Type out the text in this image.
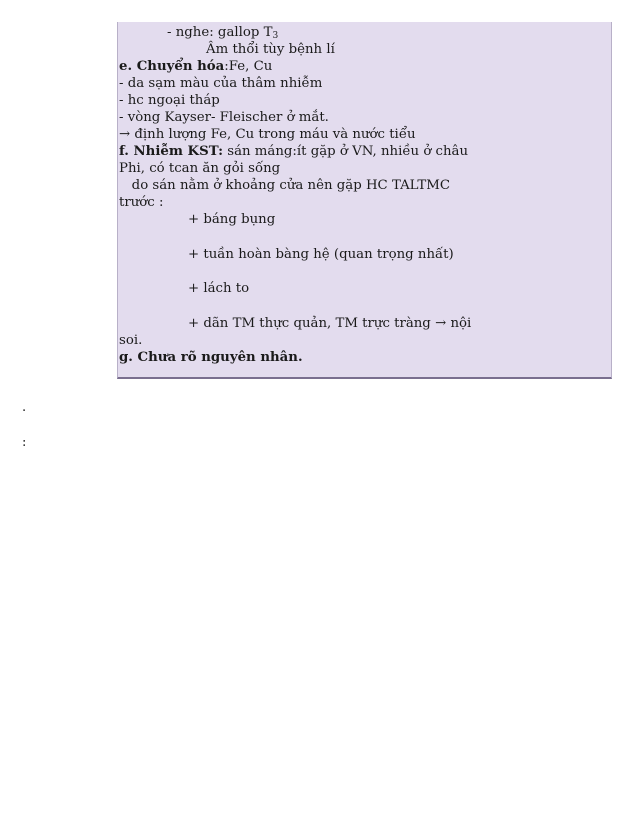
- nghe: gallop $T_3$
Âm thổi tùy bệnh lí
e. Chuyển hóa:Fe, Cu
- da sạm màu của thâm nhiễm
- hc ngoại tháp
- vòng Kayser- Fleischer ở mắt.
→ định lượng Fe, Cu trong máu và nước tiểu
f. Nhiễm KST: sán máng:ít gặp ở VN, nhiều ở châu
Phi, có tcan ăn gỏi sống
do sán nằm ở khoảng cửa nên gặp HC TALTMC
trước :
+ báng bụng
+ tuần hoàn bàng hệ (quan trọng nhất)
+ lách to
+ dãn TM thực quản, TM trực tràng → nội
soi.
g. Chưa rõ nguyên nhân.
.
:
